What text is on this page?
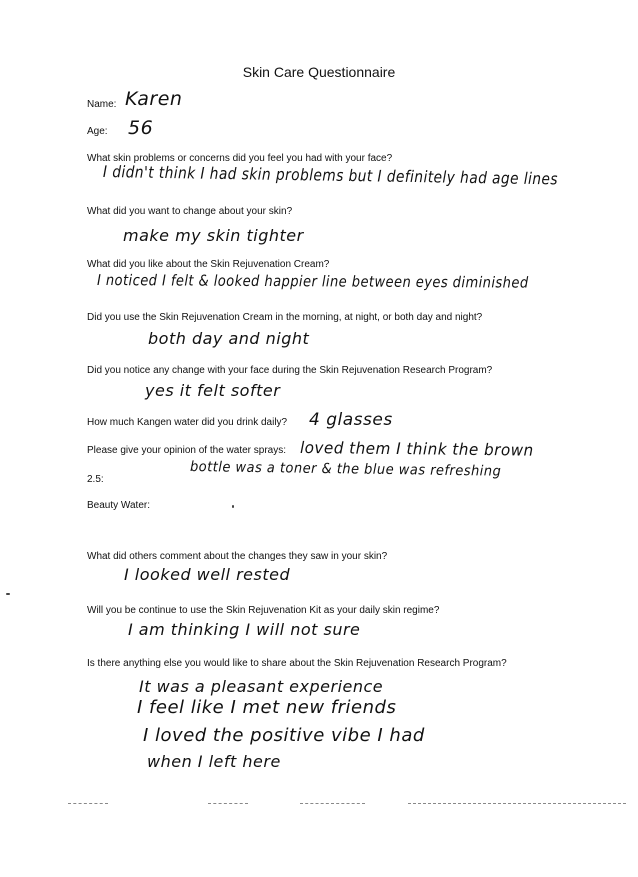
Skin Care Questionnaire
Name: Karen
Age: 56
What skin problems or concerns did you feel you had with your face?
I didn't think I had skin problems but I definitely had age lines
What did you want to change about your skin?
make my skin tighter
What did you like about the Skin Rejuvenation Cream?
I noticed I felt & looked happier line between eyes diminished
Did you use the Skin Rejuvenation Cream in the morning, at night, or both day and night?
both day and night
Did you notice any change with your face during the Skin Rejuvenation Research Program?
yes it felt softer
How much Kangen water did you drink daily? 4 glasses
Please give your opinion of the water sprays: loved them I think the brown
bottle was a toner & the blue was refreshing
2.5:
Beauty Water:
What did others comment about the changes they saw in your skin?
I looked well rested
Will you be continue to use the Skin Rejuvenation Kit as your daily skin regime?
I am thinking I will not sure
Is there anything else you would like to share about the Skin Rejuvenation Research Program?
It was a pleasant experience
I feel like I met new friends
I loved the positive vibe I had
when I left here
